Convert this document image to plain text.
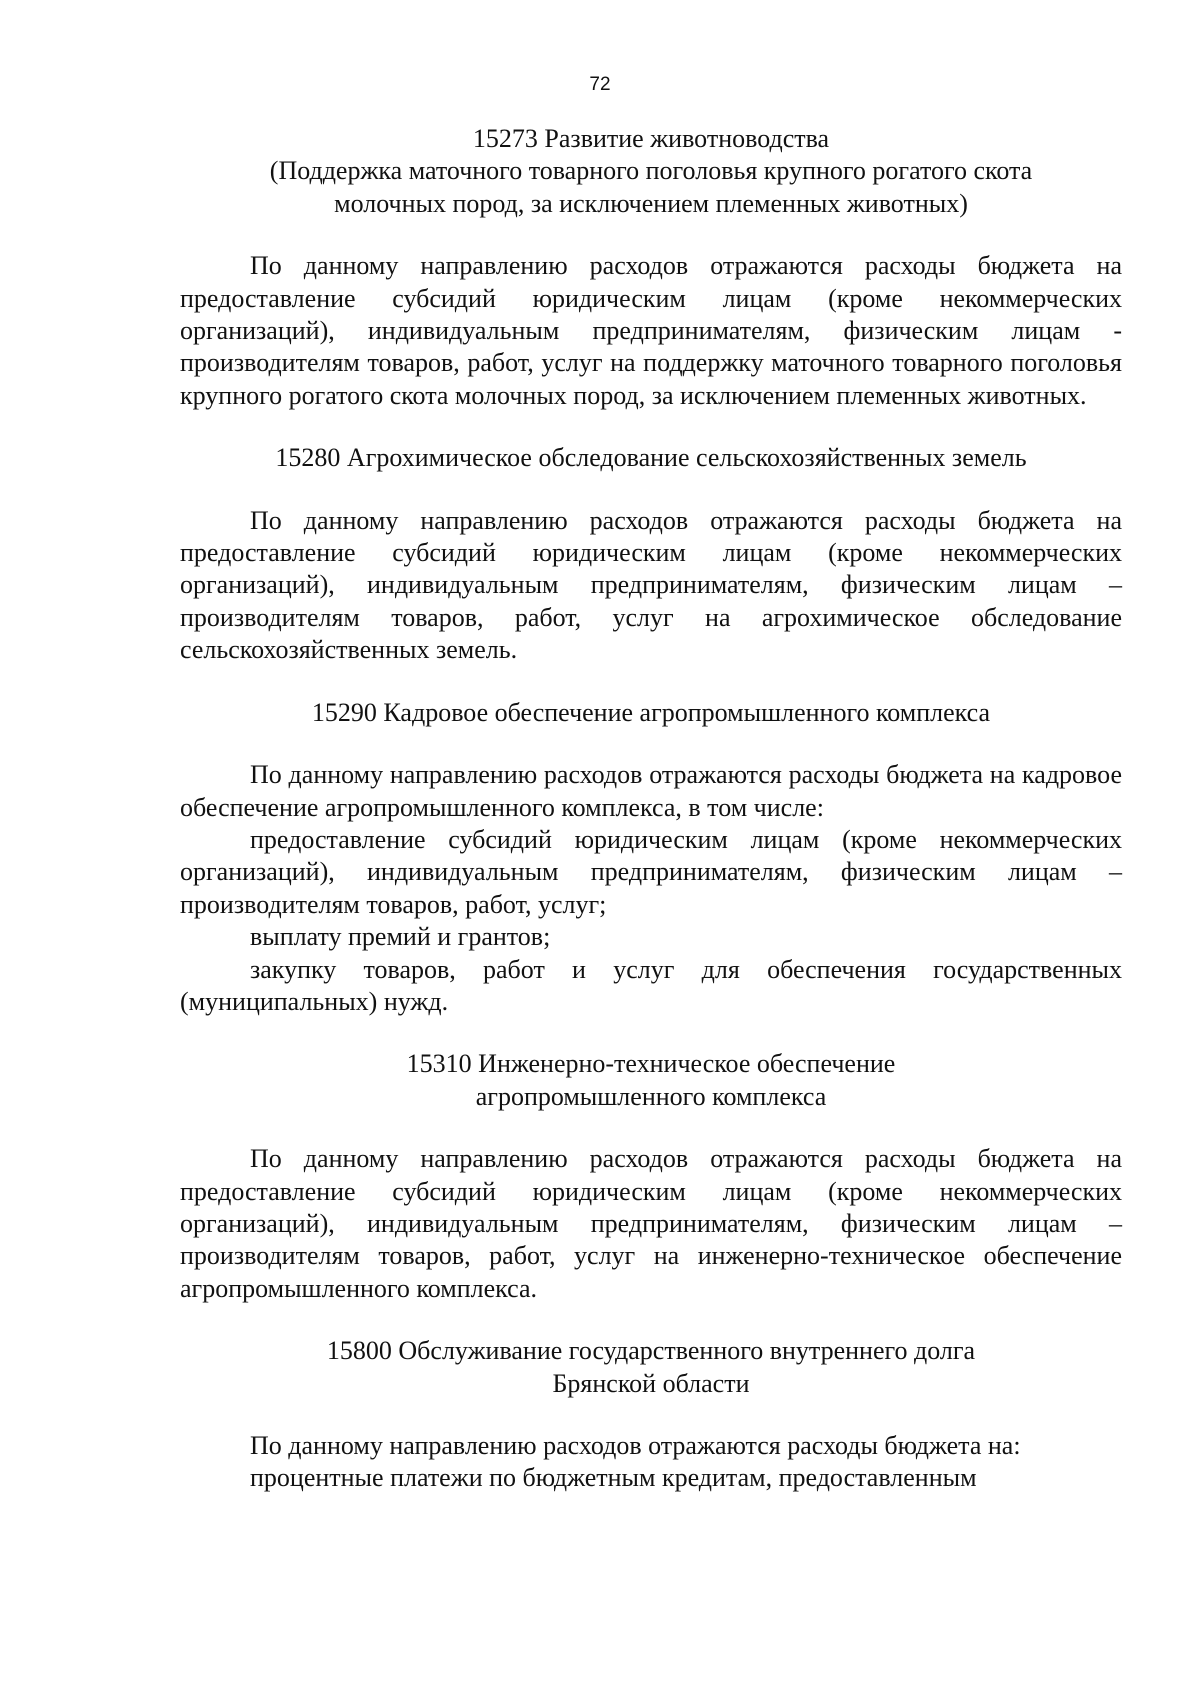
72
15273 Развитие животноводства
(Поддержка маточного товарного поголовья крупного рогатого скота
молочных пород, за исключением племенных животных)

По данному направлению расходов отражаются расходы бюджета на предоставление субсидий юридическим лицам (кроме некоммерческих организаций), индивидуальным предпринимателям, физическим лицам - производителям товаров, работ, услуг на поддержку маточного товарного поголовья крупного рогатого скота молочных пород, за исключением племенных животных.

15280 Агрохимическое обследование сельскохозяйственных земель

По данному направлению расходов отражаются расходы бюджета на предоставление субсидий юридическим лицам (кроме некоммерческих организаций), индивидуальным предпринимателям, физическим лицам – производителям товаров, работ, услуг на агрохимическое обследование сельскохозяйственных земель.

15290 Кадровое обеспечение агропромышленного комплекса

По данному направлению расходов отражаются расходы бюджета на кадровое обеспечение агропромышленного комплекса, в том числе:

предоставление субсидий юридическим лицам (кроме некоммерческих организаций), индивидуальным предпринимателям, физическим лицам – производителям товаров, работ, услуг;

выплату премий и грантов;

закупку товаров, работ и услуг для обеспечения государственных (муниципальных) нужд.

15310 Инженерно-техническое обеспечение
агропромышленного комплекса

По данному направлению расходов отражаются расходы бюджета на предоставление субсидий юридическим лицам (кроме некоммерческих организаций), индивидуальным предпринимателям, физическим лицам – производителям товаров, работ, услуг на инженерно-техническое обеспечение агропромышленного комплекса.

15800 Обслуживание государственного внутреннего долга
Брянской области

По данному направлению расходов отражаются расходы бюджета на:

процентные платежи по бюджетным кредитам, предоставленным
